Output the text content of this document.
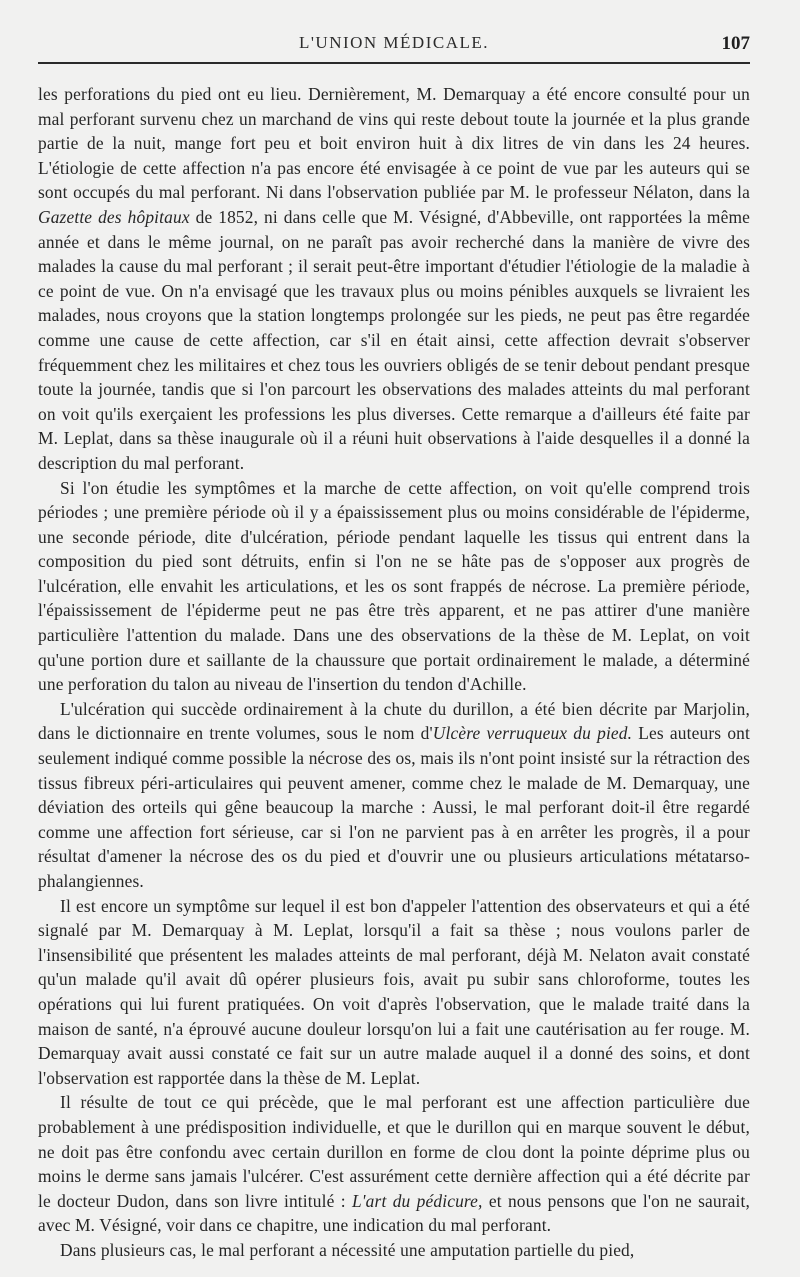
L'UNION MÉDICALE.	107

les perforations du pied ont eu lieu. Dernièrement, M. Demarquay a été encore consulté pour un mal perforant survenu chez un marchand de vins qui reste debout toute la journée et la plus grande partie de la nuit, mange fort peu et boit environ huit à dix litres de vin dans les 24 heures. L'étiologie de cette affection n'a pas encore été envisagée à ce point de vue par les auteurs qui se sont occupés du mal perforant. Ni dans l'observation publiée par M. le professeur Nélaton, dans la Gazette des hôpitaux de 1852, ni dans celle que M. Vésigné, d'Abbeville, ont rapportées la même année et dans le même journal, on ne paraît pas avoir recherché dans la manière de vivre des malades la cause du mal perforant ; il serait peut-être important d'étudier l'étiologie de la maladie à ce point de vue. On n'a envisagé que les travaux plus ou moins pénibles auxquels se livraient les malades, nous croyons que la station longtemps prolongée sur les pieds, ne peut pas être regardée comme une cause de cette affection, car s'il en était ainsi, cette affection devrait s'observer fréquemment chez les militaires et chez tous les ouvriers obligés de se tenir debout pendant presque toute la journée, tandis que si l'on parcourt les observations des malades atteints du mal perforant on voit qu'ils exerçaient les professions les plus diverses. Cette remarque a d'ailleurs été faite par M. Leplat, dans sa thèse inaugurale où il a réuni huit observations à l'aide desquelles il a donné la description du mal perforant.

Si l'on étudie les symptômes et la marche de cette affection, on voit qu'elle comprend trois périodes ; une première période où il y a épaississement plus ou moins considérable de l'épiderme, une seconde période, dite d'ulcération, période pendant laquelle les tissus qui entrent dans la composition du pied sont détruits, enfin si l'on ne se hâte pas de s'opposer aux progrès de l'ulcération, elle envahit les articulations, et les os sont frappés de nécrose. La première période, l'épaississement de l'épiderme peut ne pas être très apparent, et ne pas attirer d'une manière particulière l'attention du malade. Dans une des observations de la thèse de M. Leplat, on voit qu'une portion dure et saillante de la chaussure que portait ordinairement le malade, a déterminé une perforation du talon au niveau de l'insertion du tendon d'Achille.

L'ulcération qui succède ordinairement à la chute du durillon, a été bien décrite par Marjolin, dans le dictionnaire en trente volumes, sous le nom d'Ulcère verruqueux du pied. Les auteurs ont seulement indiqué comme possible la nécrose des os, mais ils n'ont point insisté sur la rétraction des tissus fibreux péri-articulaires qui peuvent amener, comme chez le malade de M. Demarquay, une déviation des orteils qui gêne beaucoup la marche : Aussi, le mal perforant doit-il être regardé comme une affection fort sérieuse, car si l'on ne parvient pas à en arrêter les progrès, il a pour résultat d'amener la nécrose des os du pied et d'ouvrir une ou plusieurs articulations métatarso-phalangiennes.

Il est encore un symptôme sur lequel il est bon d'appeler l'attention des observateurs et qui a été signalé par M. Demarquay à M. Leplat, lorsqu'il a fait sa thèse ; nous voulons parler de l'insensibilité que présentent les malades atteints de mal perforant, déjà M. Nelaton avait constaté qu'un malade qu'il avait dû opérer plusieurs fois, avait pu subir sans chloroforme, toutes les opérations qui lui furent pratiquées. On voit d'après l'observation, que le malade traité dans la maison de santé, n'a éprouvé aucune douleur lorsqu'on lui a fait une cautérisation au fer rouge. M. Demarquay avait aussi constaté ce fait sur un autre malade auquel il a donné des soins, et dont l'observation est rapportée dans la thèse de M. Leplat.

Il résulte de tout ce qui précède, que le mal perforant est une affection particulière due probablement à une prédisposition individuelle, et que le durillon qui en marque souvent le début, ne doit pas être confondu avec certain durillon en forme de clou dont la pointe déprime plus ou moins le derme sans jamais l'ulcérer. C'est assurément cette dernière affection qui a été décrite par le docteur Dudon, dans son livre intitulé : L'art du pédicure, et nous pensons que l'on ne saurait, avec M. Vésigné, voir dans ce chapitre, une indication du mal perforant.

Dans plusieurs cas, le mal perforant a nécessité une amputation partielle du pied,
